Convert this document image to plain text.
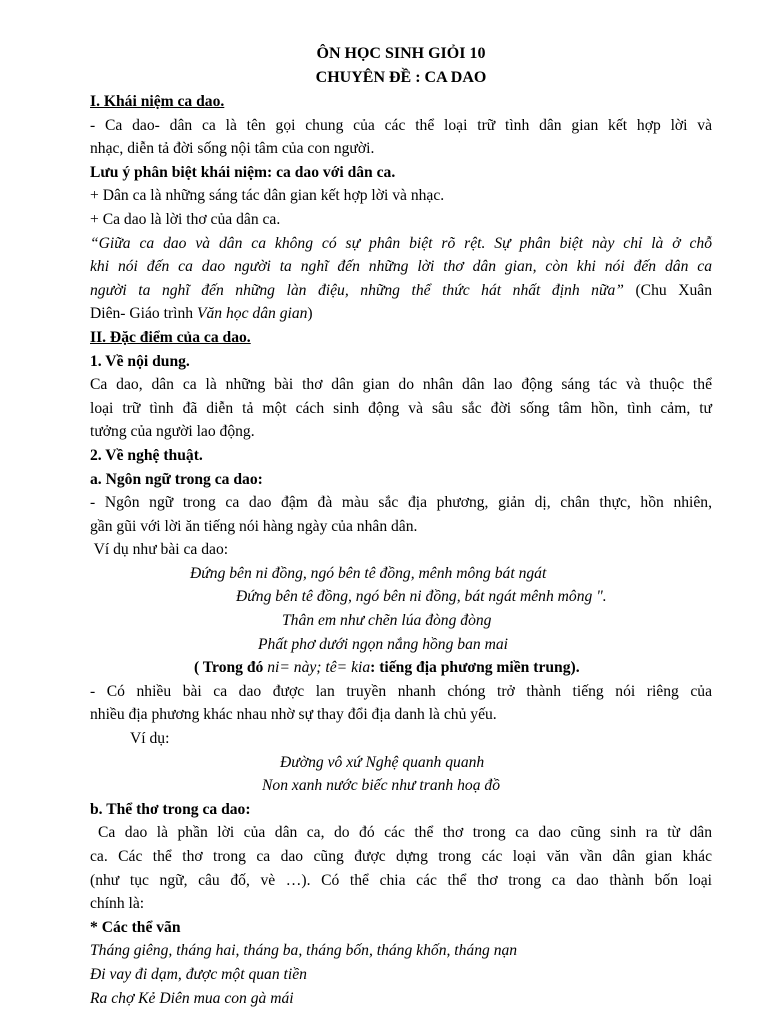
ÔN HỌC SINH GIỎI 10

CHUYÊN ĐỀ : CA DAO

I. Khái niệm ca dao.

- Ca dao- dân ca là tên gọi chung của các thể loại trữ tình dân gian kết hợp lời và

nhạc, diễn tả đời sống nội tâm của con người.

Lưu ý phân biệt khái niệm: ca dao với dân ca.

+ Dân ca là những sáng tác dân gian kết hợp lời và nhạc.

+ Ca dao là lời thơ của dân ca.

“Giữa ca dao và dân ca không có sự phân biệt rõ rệt. Sự phân biệt này chỉ là ở chỗ

khi nói đến ca dao người ta nghĩ đến những lời thơ dân gian, còn khi nói đến dân ca

người ta nghĩ đến những làn điệu, những thể thức hát nhất định nữa” (Chu Xuân

Diên- Giáo trình Văn học dân gian)

II. Đặc điểm của ca dao.

1. Về nội dung.

Ca dao, dân ca là những bài thơ dân gian do nhân dân lao động sáng tác và thuộc thể

loại trữ tình đã diễn tả một cách sinh động và sâu sắc đời sống tâm hồn, tình cảm, tư

tưởng của người lao động.

2. Về nghệ thuật.

a. Ngôn ngữ trong ca dao:

- Ngôn ngữ trong ca dao đậm đà màu sắc địa phương, giản dị, chân thực, hồn nhiên,

gần gũi với lời ăn tiếng nói hàng ngày của nhân dân.

Ví dụ như bài ca dao:

Đứng bên ni đồng, ngó bên tê đồng, mênh mông bát ngát

Đứng bên tê đồng, ngó bên ni đồng, bát ngát mênh mông ".

Thân em như chẽn lúa đòng đòng

Phất phơ dưới ngọn nắng hồng ban mai

( Trong đó ni= này; tê= kia: tiếng địa phương miền trung).

- Có nhiều bài ca dao được lan truyền nhanh chóng trở thành tiếng nói riêng của

nhiều địa phương khác nhau nhờ sự thay đổi địa danh là chủ yếu.

Ví dụ:

Đường vô xứ Nghệ quanh quanh

Non xanh nước biếc như tranh hoạ đồ

b. Thể thơ trong ca dao:

Ca dao là phần lời của dân ca, do đó các thể thơ trong ca dao cũng sinh ra từ dân

ca. Các thể thơ trong ca dao cũng được dựng trong các loại văn vần dân gian khác

(như tục ngữ, câu đố, vè …). Có thể chia các thể thơ trong ca dao thành bốn loại

chính là:

* Các thể vãn

Tháng giêng, tháng hai, tháng ba, tháng bốn, tháng khốn, tháng nạn

Đi vay đi dạm, được một quan tiền

Ra chợ Kẻ Diên mua con gà mái
